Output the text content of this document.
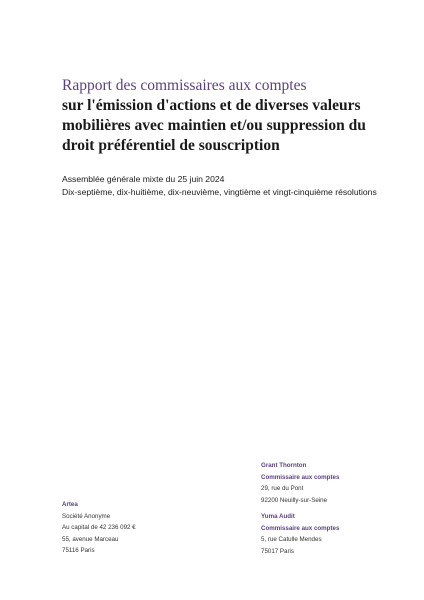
Rapport des commissaires aux comptes
sur l'émission d'actions et de diverses valeurs
mobilières avec maintien et/ou suppression du
droit préférentiel de souscription
Assemblée générale mixte du 25 juin 2024
Dix-septième, dix-huitième, dix-neuvième, vingtième et vingt-cinquième résolutions
Grant Thornton
Commissaire aux comptes
29, rue du Pont
92200 Neuilly-sur-Seine
Artea
Société Anonyme
Au capital de 42 236 092 €
55, avenue Marceau
75116 Paris
Yuma Audit
Commissaire aux comptes
5, rue Catulle Mendes
75017 Paris
